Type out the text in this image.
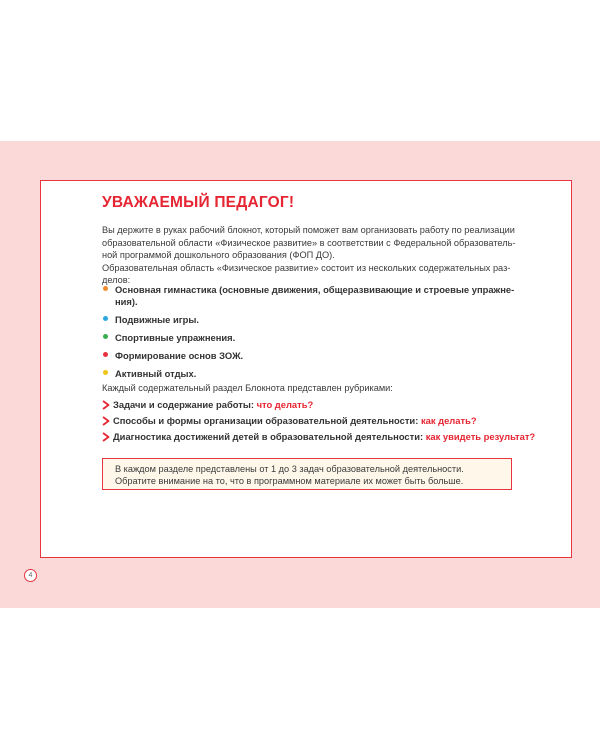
УВАЖАЕМЫЙ ПЕДАГОГ!

Вы держите в руках рабочий блокнот, который поможет вам организовать работу по реализации
образовательной области «Физическое развитие» в соответствии с Федеральной образователь-
ной программой дошкольного образования (ФОП ДО).
Образовательная область «Физическое развитие» состоит из нескольких содержательных раз-
делов:

Основная гимнастика (основные движения, общеразвивающие и строевые упражне-ния).
Подвижные игры.
Спортивные упражнения.
Формирование основ ЗОЖ.
Активный отдых.

Каждый содержательный раздел Блокнота представлен рубриками:

Задачи и содержание работы: что делать?
Способы и формы организации образовательной деятельности: как делать?
Диагностика достижений детей в образовательной деятельности: как увидеть результат?
В каждом разделе представлены от 1 до 3 задач образовательной деятельности. Обратите внимание на то, что в программном материале их может быть больше.
4
